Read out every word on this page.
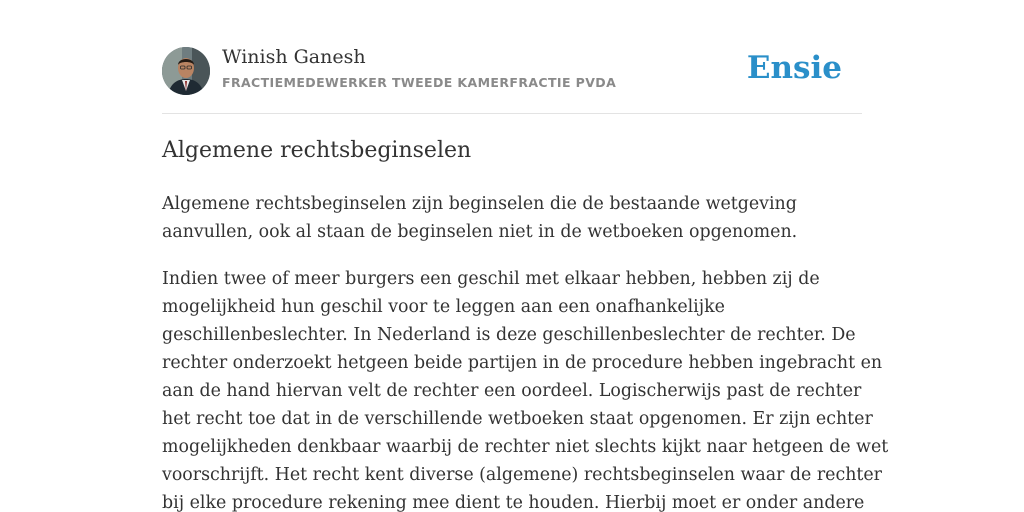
Winish Ganesh
FRACTIEMEDEWERKER TWEEDE KAMERFRACTIE PVDA	Ensie
Algemene rechtsbeginselen

Algemene rechtsbeginselen zijn beginselen die de bestaande wetgeving
aanvullen, ook al staan de beginselen niet in de wetboeken opgenomen.

Indien twee of meer burgers een geschil met elkaar hebben, hebben zij de
mogelijkheid hun geschil voor te leggen aan een onafhankelijke
geschillenbeslechter. In Nederland is deze geschillenbeslechter de rechter. De
rechter onderzoekt hetgeen beide partijen in de procedure hebben ingebracht en
aan de hand hiervan velt de rechter een oordeel. Logischerwijs past de rechter
het recht toe dat in de verschillende wetboeken staat opgenomen. Er zijn echter
mogelijkheden denkbaar waarbij de rechter niet slechts kijkt naar hetgeen de wet
voorschrijft. Het recht kent diverse (algemene) rechtsbeginselen waar de rechter
bij elke procedure rekening mee dient te houden. Hierbij moet er onder andere
